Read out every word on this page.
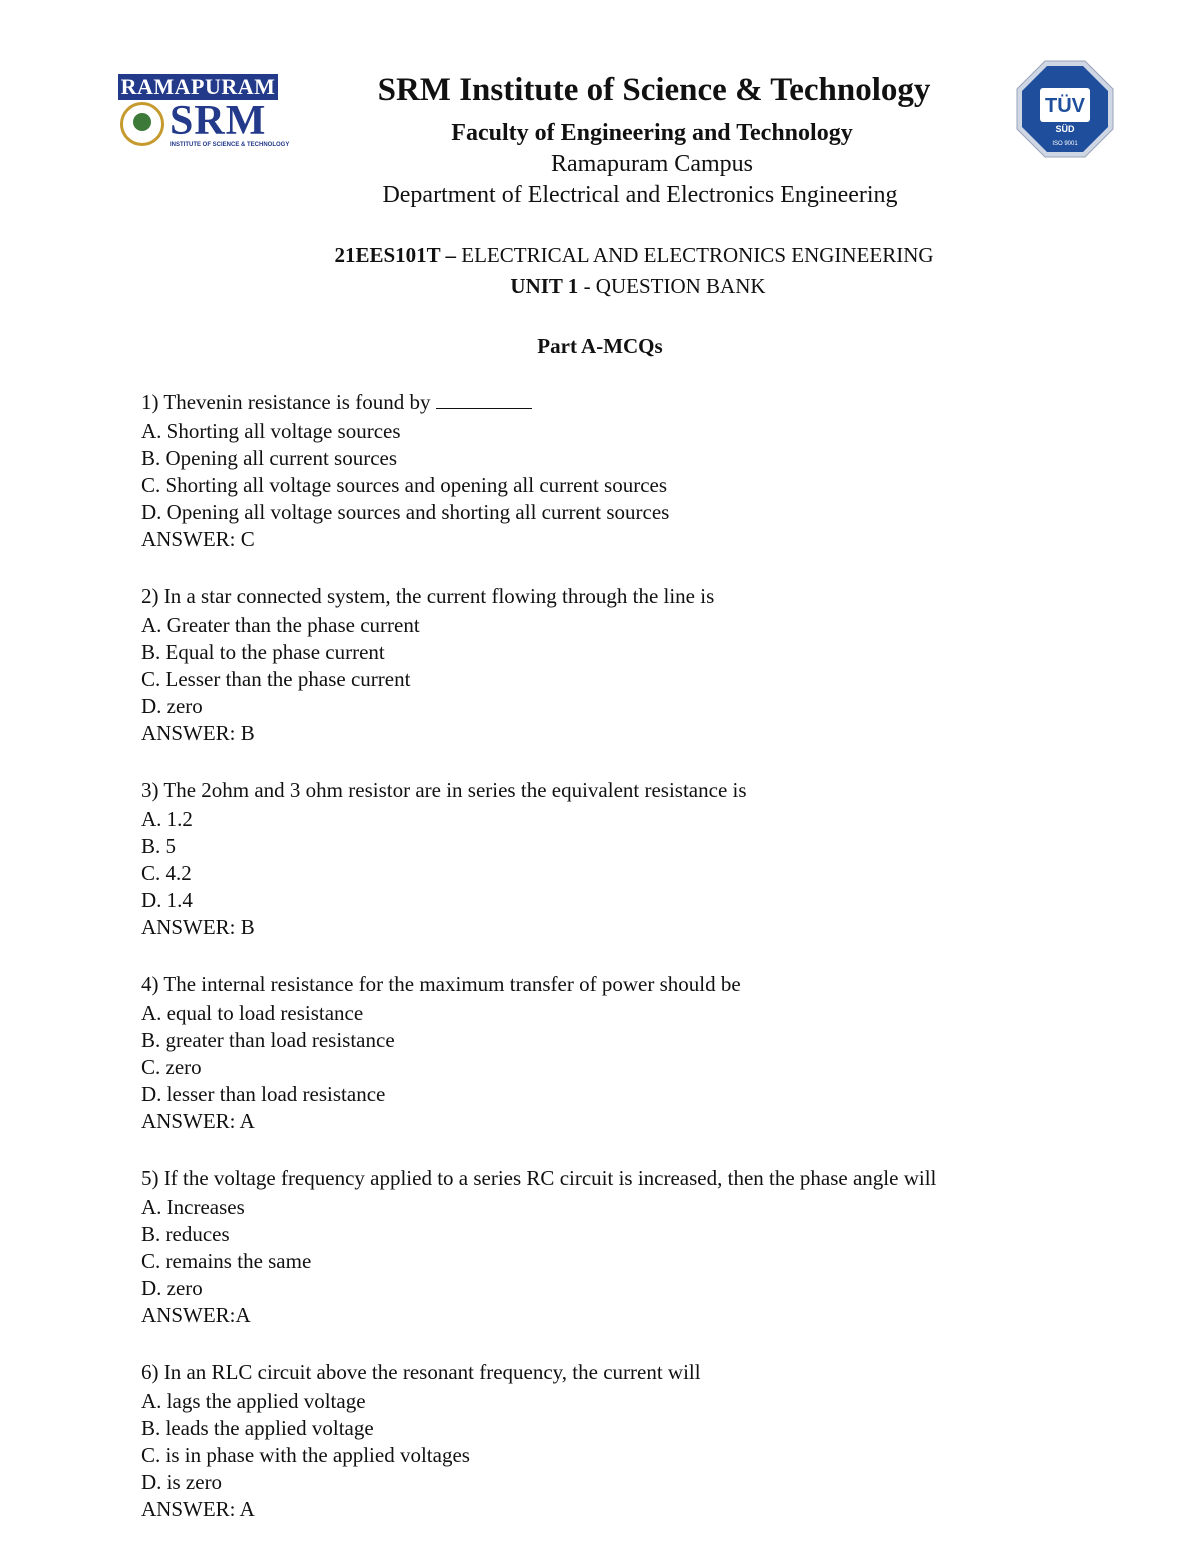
RAMAPURAM
SRM
INSTITUTE OF SCIENCE & TECHNOLOGY
TÜV
SÜD
ISO 9001
SRM Institute of Science & Technology
Faculty of Engineering and Technology
Ramapuram Campus
Department of Electrical and Electronics Engineering
21EES101T – ELECTRICAL AND ELECTRONICS ENGINEERING
UNIT 1 - QUESTION BANK
Part A-MCQs
1) Thevenin resistance is found by
A. Shorting all voltage sources
B. Opening all current sources
C. Shorting all voltage sources and opening all current sources
D. Opening all voltage sources and shorting all current sources
ANSWER: C
2) In a star connected system, the current flowing through the line is
A. Greater than the phase current
B. Equal to the phase current
C. Lesser than the phase current
D. zero
ANSWER: B
3) The 2ohm and 3 ohm resistor are in series the equivalent resistance is
A. 1.2
B. 5
C. 4.2
D. 1.4
ANSWER: B
4) The internal resistance for the maximum transfer of power should be
A. equal to load resistance
B. greater than load resistance
C. zero
D. lesser than load resistance
ANSWER: A
5) If the voltage frequency applied to a series RC circuit is increased, then the phase angle will
A. Increases
B. reduces
C. remains the same
D. zero
ANSWER:A
6) In an RLC circuit above the resonant frequency, the current will
A. lags the applied voltage
B. leads the applied voltage
C. is in phase with the applied voltages
D. is zero
ANSWER: A
